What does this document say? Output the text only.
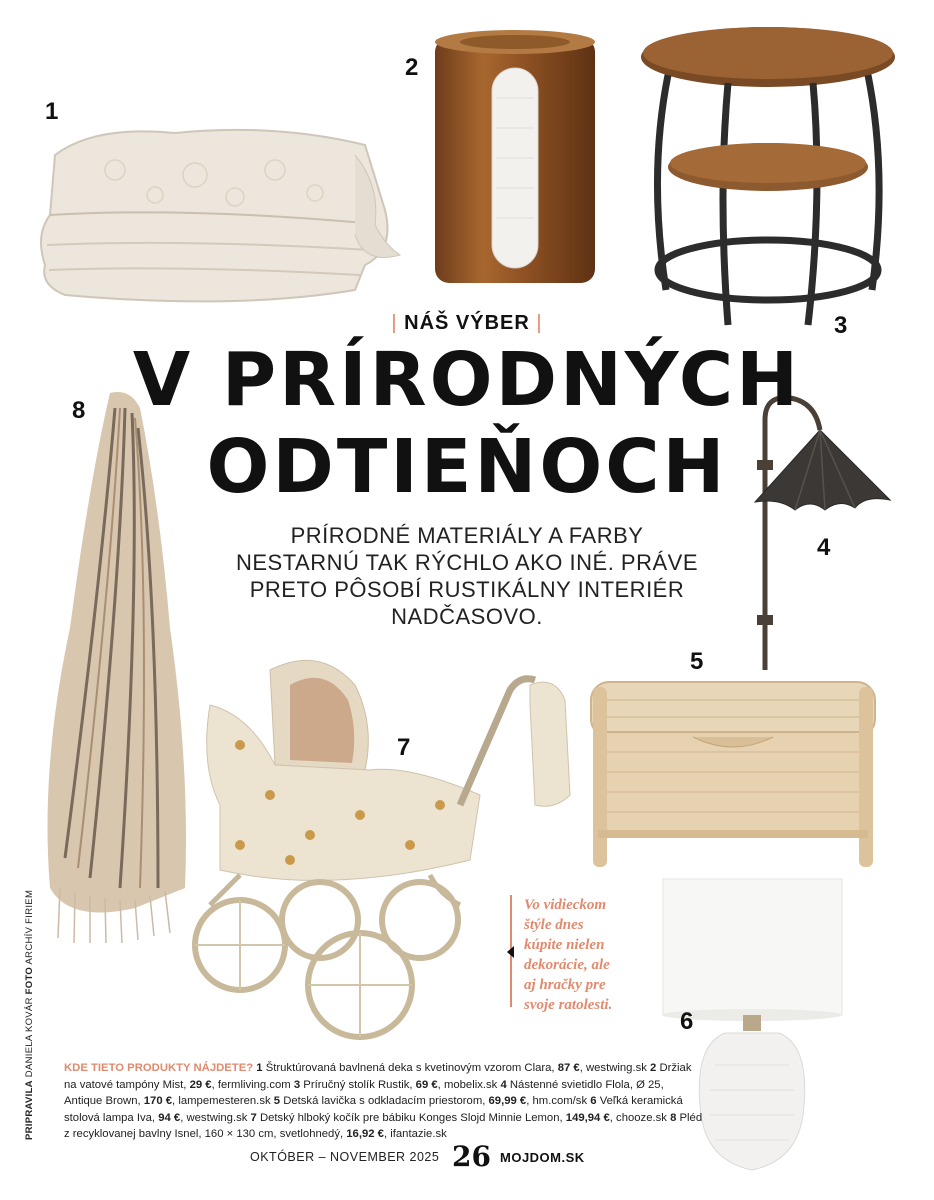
1
2
3
4
5
6
7
8
| NÁŠ VÝBER |
V PRÍRODNÝCH
ODTIEŇOCH
PRÍRODNÉ MATERIÁLY A FARBY
NESTARNÚ TAK RÝCHLO AKO INÉ. PRÁVE
PRETO PÔSOBÍ RUSTIKÁLNY INTERIÉR
NADČASOVO.
Vo vidieckom
štýle dnes
kúpite nielen
dekorácie, ale
aj hračky pre
svoje ratolesti.
KDE TIETO PRODUKTY NÁJDETE? 1 Štruktúrovaná bavlnená deka s kvetinovým vzorom Clara, 87 €, westwing.sk 2 Držiak na vatové tampóny Mist, 29 €, fermliving.com 3 Príručný stolík Rustik, 69 €, mobelix.sk 4 Nástenné svietidlo Flola, Ø 25, Antique Brown, 170 €, lampemesteren.sk 5 Detská lavička s odkladacím priestorom, 69,99 €, hm.com/sk 6 Veľká keramická stolová lampa Iva, 94 €, westwing.sk 7 Detský hlboký kočík pre bábiku Konges Slojd Minnie Lemon, 149,94 €, chooze.sk 8 Pléd z recyklovanej bavlny Isnel, 160 × 130 cm, svetlohnedý, 16,92 €, ifantazie.sk
PRIPRAVILA DANIELA KOVÁR FOTO ARCHÍV FIRIEM
OKTÓBER – NOVEMBER 2025 26 MOJDOM.SK
